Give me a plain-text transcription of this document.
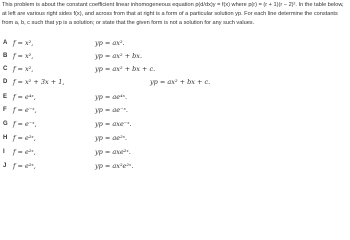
This problem is about the constant coefficient linear inhomogeneous equation p(d/dx)y = f(x) where p(r) = (r + 1)(r − 2)². In the table below, at left are various right sides f(x), and across from that at right is a form of a particular solution yp. For each line determine the constants from a, b, c such that yp is a solution; or state that the given form is not a solution for any such values.
A f = x²,	yp = ax².
B f = x²,	yp = ax² + bx.
C f = x²,	yp = ax² + bx + c.
D f = x² + 3x + 1,	yp = ax² + bx + c.
E f = e⁴ˣ,	yp = ae⁴ˣ.
F f = e⁻ˣ,	yp = ae⁻ˣ.
G f = e⁻ˣ,	yp = axe⁻ˣ.
H f = e²ˣ,	yp = ae²ˣ.
I f = e²ˣ,	yp = axe²ˣ.
J f = e²ˣ,	yp = ax²e²ˣ.
